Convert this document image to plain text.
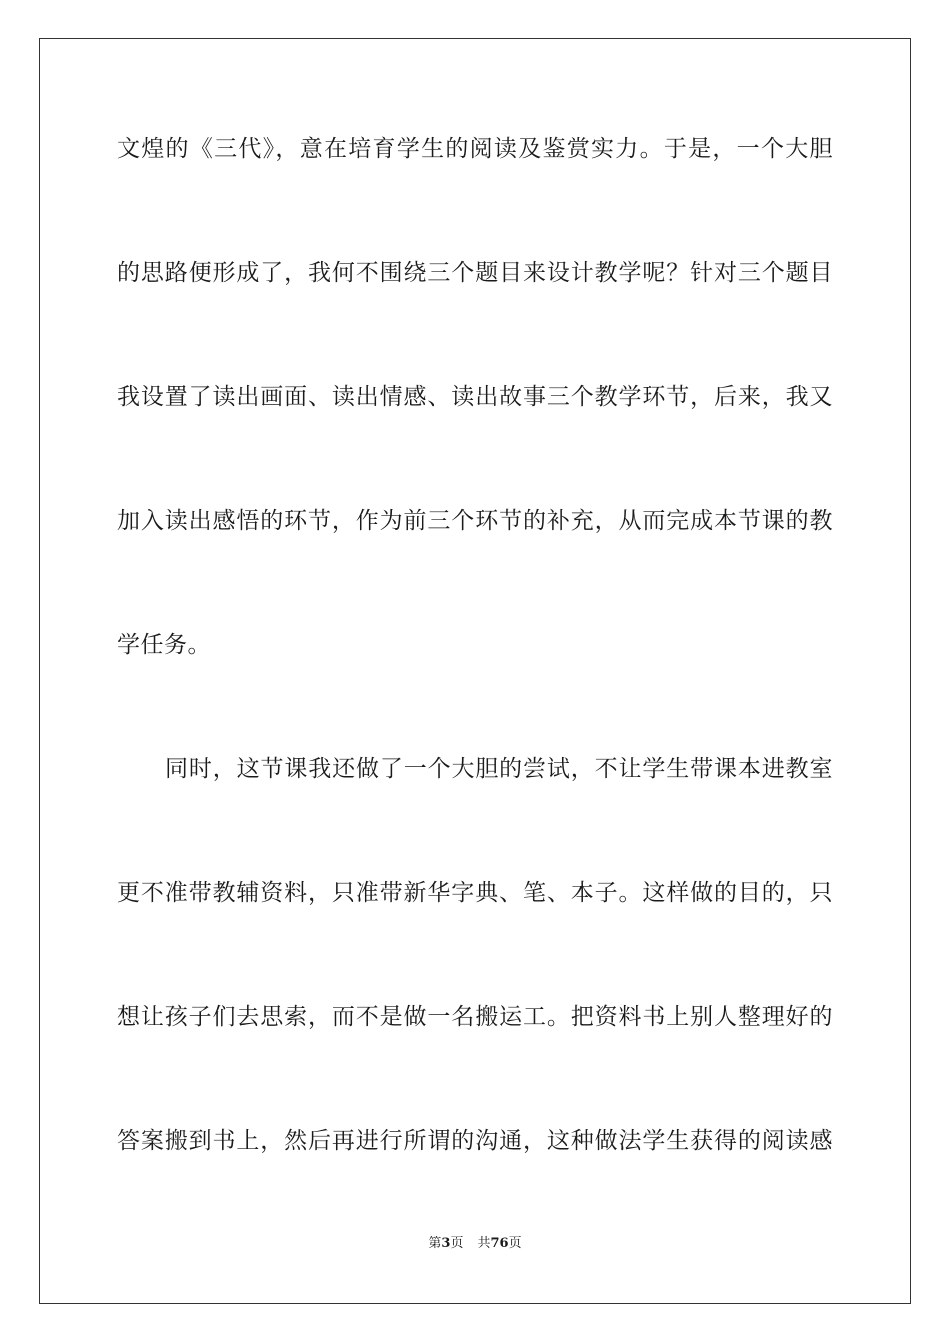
文煌的《三代》，意在培育学生的阅读及鉴赏实力。于是，一个大胆
的思路便形成了，我何不围绕三个题目来设计教学呢？针对三个题目
我设置了读出画面、读出情感、读出故事三个教学环节，后来，我又
加入读出感悟的环节，作为前三个环节的补充，从而完成本节课的教
学任务。
同时，这节课我还做了一个大胆的尝试，不让学生带课本进教室
更不准带教辅资料，只准带新华字典、笔、本子。这样做的目的，只
想让孩子们去思索，而不是做一名搬运工。把资料书上别人整理好的
答案搬到书上，然后再进行所谓的沟通，这种做法学生获得的阅读感
第3页 共76页
